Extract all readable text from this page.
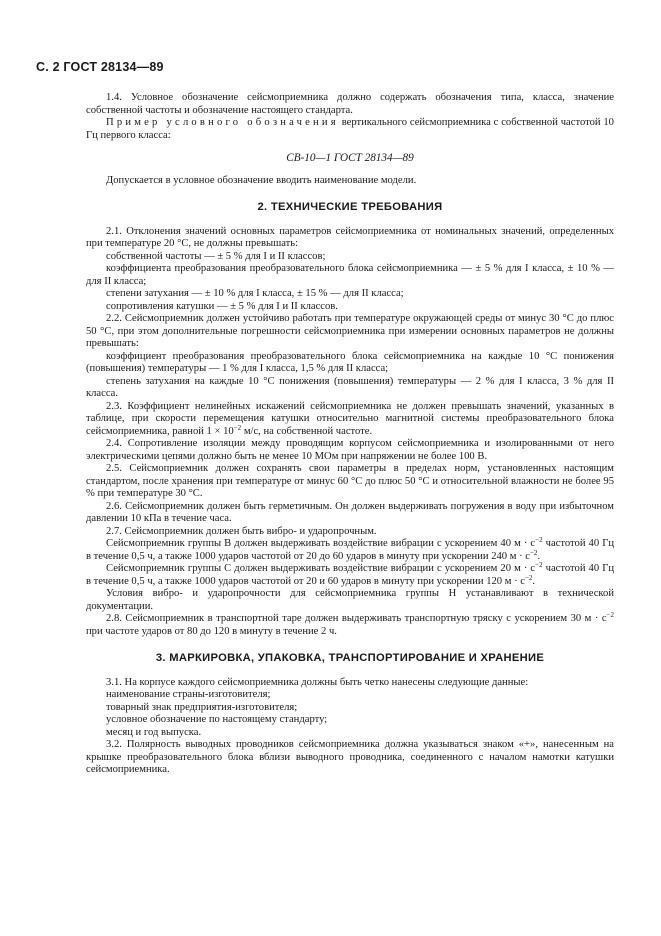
С. 2 ГОСТ 28134—89

1.4. Условное обозначение сейсмоприемника должно содержать обозначения типа, класса, значение собственной частоты и обозначение настоящего стандарта.

Пример условного обозначения вертикального сейсмоприемника с собственной частотой 10 Гц первого класса:

СВ-10—1 ГОСТ 28134—89

Допускается в условное обозначение вводить наименование модели.

2. ТЕХНИЧЕСКИЕ ТРЕБОВАНИЯ

2.1. Отклонения значений основных параметров сейсмоприемника от номинальных значений, определенных при температуре 20 °С, не должны превышать:

собственной частоты — ± 5 % для I и II классов;

коэффициента преобразования преобразовательного блока сейсмоприемника — ± 5 % для I класса, ± 10 % — для II класса;

степени затухания — ± 10 % для I класса, ± 15 % — для II класса;

сопротивления катушки — ± 5 % для I и II классов.

2.2. Сейсмоприемник должен устойчиво работать при температуре окружающей среды от минус 30 °С до плюс 50 °С, при этом дополнительные погрешности сейсмоприемника при измерении основных параметров не должны превышать:

коэффициент преобразования преобразовательного блока сейсмоприемника на каждые 10 °С понижения (повышения) температуры — 1 % для I класса, 1,5 % для II класса;

степень затухания на каждые 10 °С понижения (повышения) температуры — 2 % для I класса, 3 % для II класса.

2.3. Коэффициент нелинейных искажений сейсмоприемника не должен превышать значений, указанных в таблице, при скорости перемещения катушки относительно магнитной системы преобразовательного блока сейсмоприемника, равной $1 \times 10^{-2}$ м/с, на собственной частоте.

2.4. Сопротивление изоляции между проводящим корпусом сейсмоприемника и изолированными от него электрическими цепями должно быть не менее 10 МОм при напряжении не более 100 В.

2.5. Сейсмоприемник должен сохранять свои параметры в пределах норм, установленных настоящим стандартом, после хранения при температуре от минус 60 °С до плюс 50 °С и относительной влажности не более 95 % при температуре 30 °С.

2.6. Сейсмоприемник должен быть герметичным. Он должен выдерживать погружения в воду при избыточном давлении 10 кПа в течение часа.

2.7. Сейсмоприемник должен быть вибро- и ударопрочным.

Сейсмоприемник группы В должен выдерживать воздействие вибрации с ускорением 40 $м \cdot с^{-2}$ частотой 40 Гц в течение 0,5 ч, а также 1000 ударов частотой от 20 до 60 ударов в минуту при ускорении 240 $м \cdot с^{-2}$.

Сейсмоприемник группы С должен выдерживать воздействие вибрации с ускорением 20 $м \cdot с^{-2}$ частотой 40 Гц в течение 0,5 ч, а также 1000 ударов частотой от 20 и 60 ударов в минуту при ускорении 120 $м \cdot с^{-2}$.

Условия вибро- и ударопрочности для сейсмоприемника группы Н устанавливают в технической документации.

2.8. Сейсмоприемник в транспортной таре должен выдерживать транспортную тряску с ускорением 30 $м \cdot с^{-2}$ при частоте ударов от 80 до 120 в минуту в течение 2 ч.

3. МАРКИРОВКА, УПАКОВКА, ТРАНСПОРТИРОВАНИЕ И ХРАНЕНИЕ

3.1. На корпусе каждого сейсмоприемника должны быть четко нанесены следующие данные:

наименование страны-изготовителя;

товарный знак предприятия-изготовителя;

условное обозначение по настоящему стандарту;

месяц и год выпуска.

3.2. Полярность выводных проводников сейсмоприемника должна указываться знаком «+», нанесенным на крышке преобразовательного блока вблизи выводного проводника, соединенного с началом намотки катушки сейсмоприемника.
